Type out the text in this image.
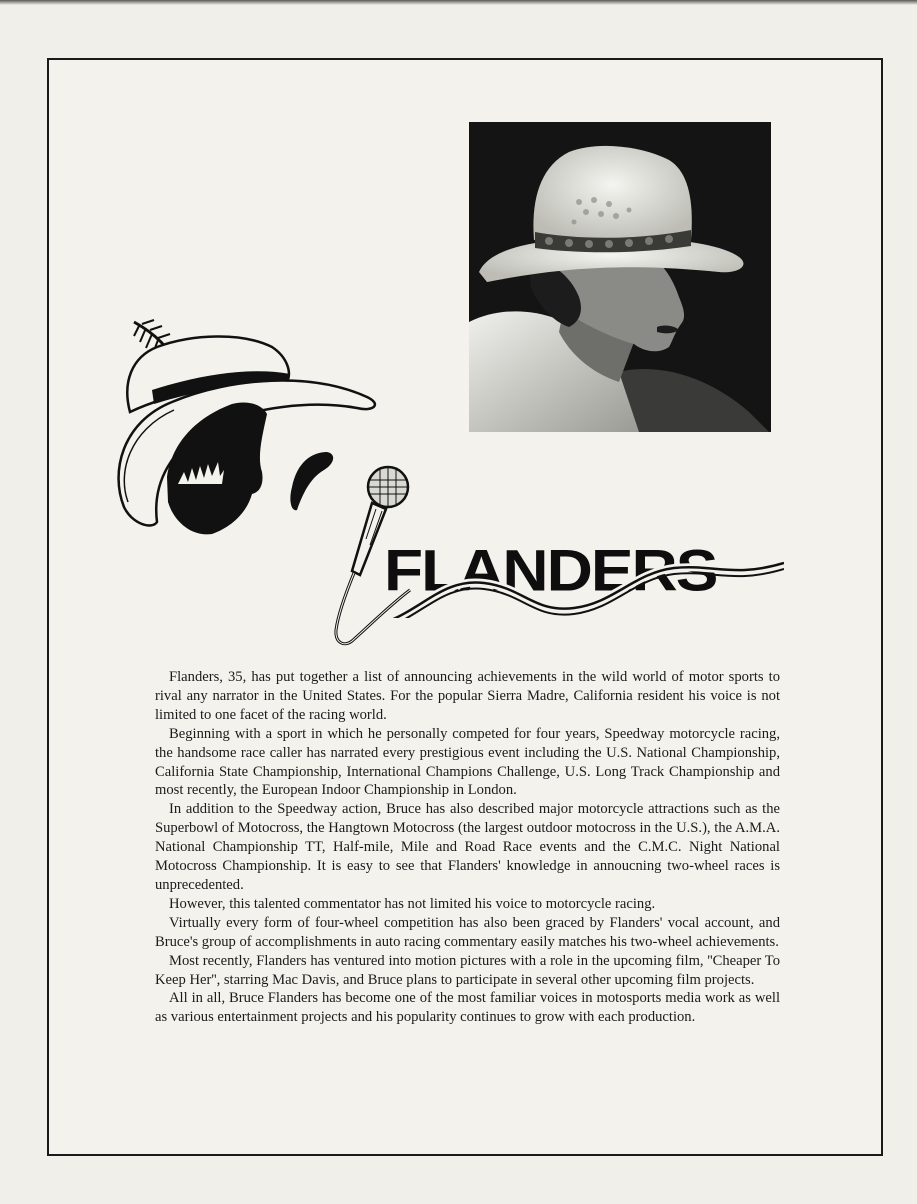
FLANDERS

Flanders, 35, has put together a list of announcing achievements in the wild world of motor sports to rival any narrator in the United States. For the popular Sierra Madre, California resident his voice is not limited to one facet of the racing world.

Beginning with a sport in which he personally competed for four years, Speedway motorcycle racing, the handsome race caller has narrated every prestigious event including the U.S. National Championship, California State Championship, International Champions Challenge, U.S. Long Track Championship and most recently, the European Indoor Championship in London.

In addition to the Speedway action, Bruce has also described major motorcycle attractions such as the Superbowl of Motocross, the Hangtown Motocross (the largest outdoor motocross in the U.S.), the A.M.A. National Championship TT, Half-mile, Mile and Road Race events and the C.M.C. Night National Motocross Championship. It is easy to see that Flanders' knowledge in annoucning two-wheel races is unprecedented.

However, this talented commentator has not limited his voice to motorcycle racing.

Virtually every form of four-wheel competition has also been graced by Flanders' vocal account, and Bruce's group of accomplishments in auto racing commentary easily matches his two-wheel achievements.

Most recently, Flanders has ventured into motion pictures with a role in the upcoming film, ''Cheaper To Keep Her'', starring Mac Davis, and Bruce plans to participate in several other upcoming film projects.

All in all, Bruce Flanders has become one of the most familiar voices in motosports media work as well as various entertainment projects and his popularity continues to grow with each production.
